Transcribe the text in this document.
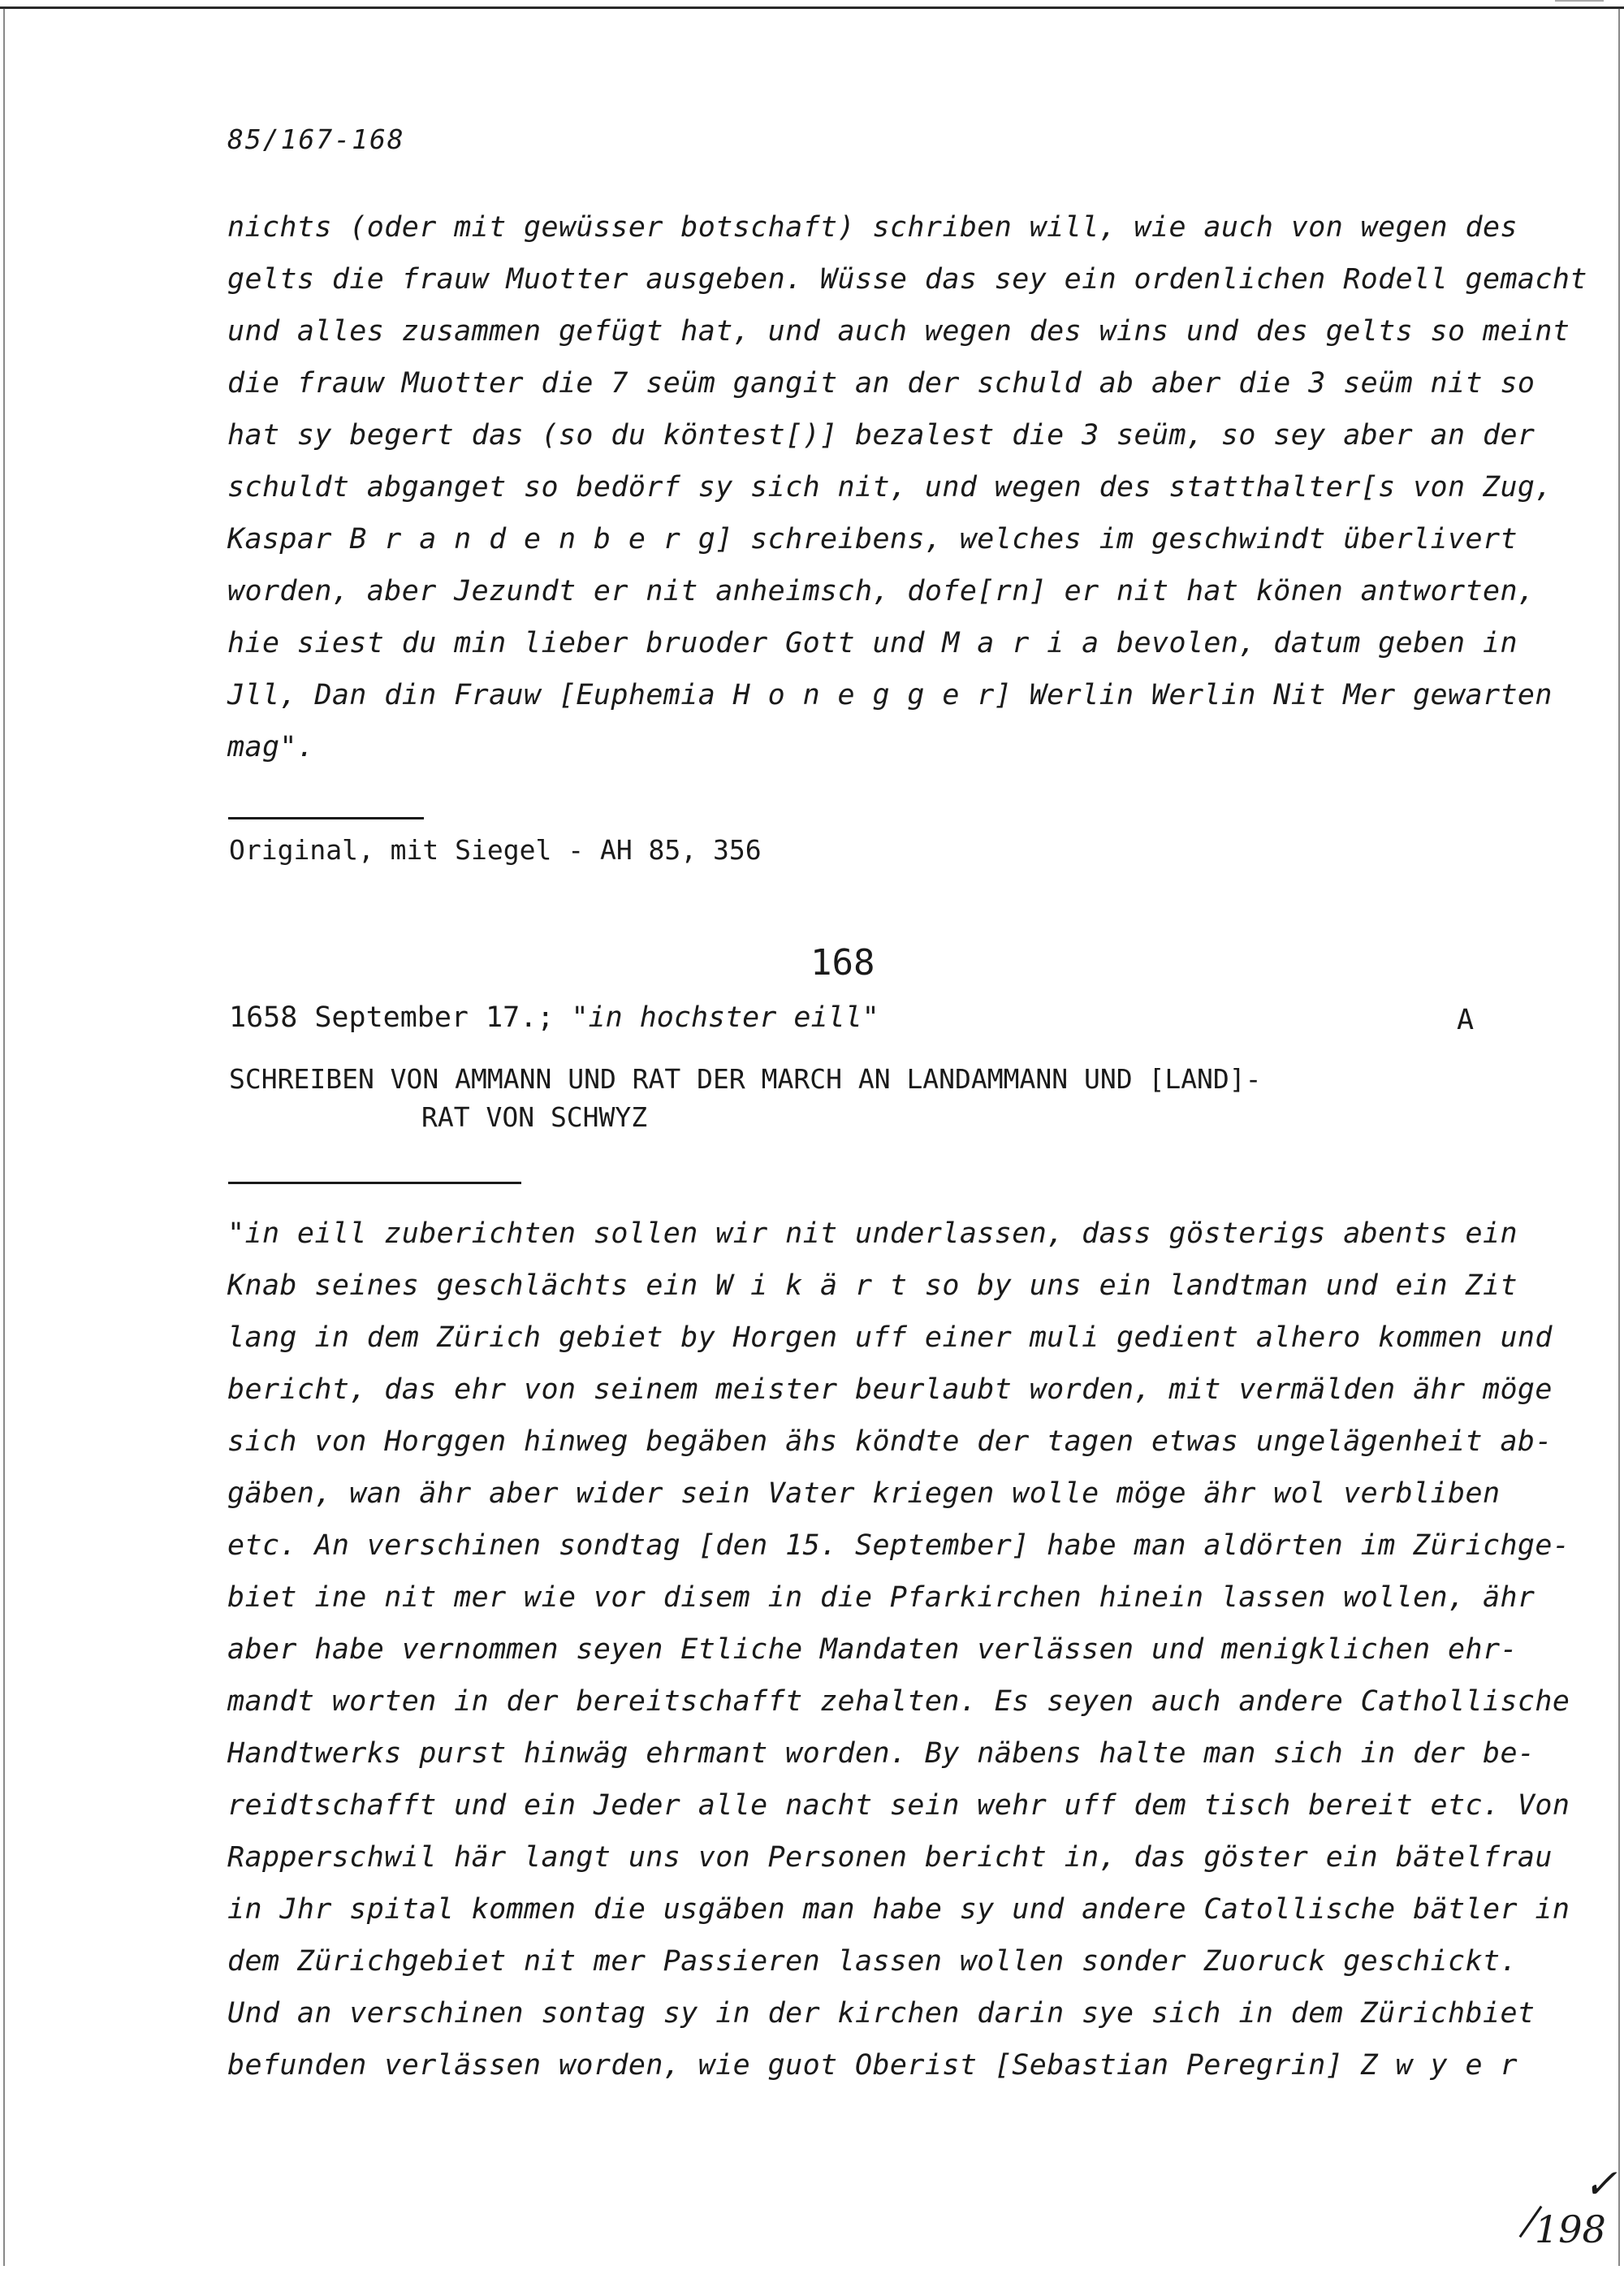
85/167-168
nichts (oder mit gewüsser botschaft) schriben will, wie auch von wegen des
gelts die frauw Muotter ausgeben. Wüsse das sey ein ordenlichen Rodell gemacht
und alles zusammen gefügt hat, und auch wegen des wins und des gelts so meint
die frauw Muotter die 7 seüm gangit an der schuld ab aber die 3 seüm nit so
hat sy begert das (so du köntest[)] bezalest die 3 seüm, so sey aber an der
schuldt abganget so bedörf sy sich nit, und wegen des statthalter[s von Zug,
Kaspar B r a n d e n b e r g] schreibens, welches im geschwindt überlivert
worden, aber Jezundt er nit anheimsch, dofe[rn] er nit hat könen antworten,
hie siest du min lieber bruoder Gott und M a r i a bevolen, datum geben in
Jll, Dan din Frauw [Euphemia H o n e g g e r] Werlin Werlin Nit Mer gewarten
mag".
Original, mit Siegel - AH 85, 356
168
1658 September 17.; "in hochster eill"	A
SCHREIBEN VON AMMANN UND RAT DER MARCH AN LANDAMMANN UND [LAND]-
RAT VON SCHWYZ
"in eill zuberichten sollen wir nit underlassen, dass gösterigs abents ein
Knab seines geschlächts ein W i k ä r t so by uns ein landtman und ein Zit
lang in dem Zürich gebiet by Horgen uff einer muli gedient alhero kommen und
bericht, das ehr von seinem meister beurlaubt worden, mit vermälden ähr möge
sich von Horggen hinweg begäben ähs köndte der tagen etwas ungelägenheit ab-
gäben, wan ähr aber wider sein Vater kriegen wolle möge ähr wol verbliben
etc. An verschinen sondtag [den 15. September] habe man aldörten im Zürichge-
biet ine nit mer wie vor disem in die Pfarkirchen hinein lassen wollen, ähr
aber habe vernommen seyen Etliche Mandaten verlässen und menigklichen ehr-
mandt worten in der bereitschafft zehalten. Es seyen auch andere Cathollische
Handtwerks purst hinwäg ehrmant worden. By näbens halte man sich in der be-
reidtschafft und ein Jeder alle nacht sein wehr uff dem tisch bereit etc. Von
Rapperschwil här langt uns von Personen bericht in, das göster ein bätelfrau
in Jhr spital kommen die usgäben man habe sy und andere Catollische bätler in
dem Zürichgebiet nit mer Passieren lassen wollen sonder Zuoruck geschickt.
Und an verschinen sontag sy in der kirchen darin sye sich in dem Zürichbiet
befunden verlässen worden, wie guot Oberist [Sebastian Peregrin] Z w y e r
✓
198
